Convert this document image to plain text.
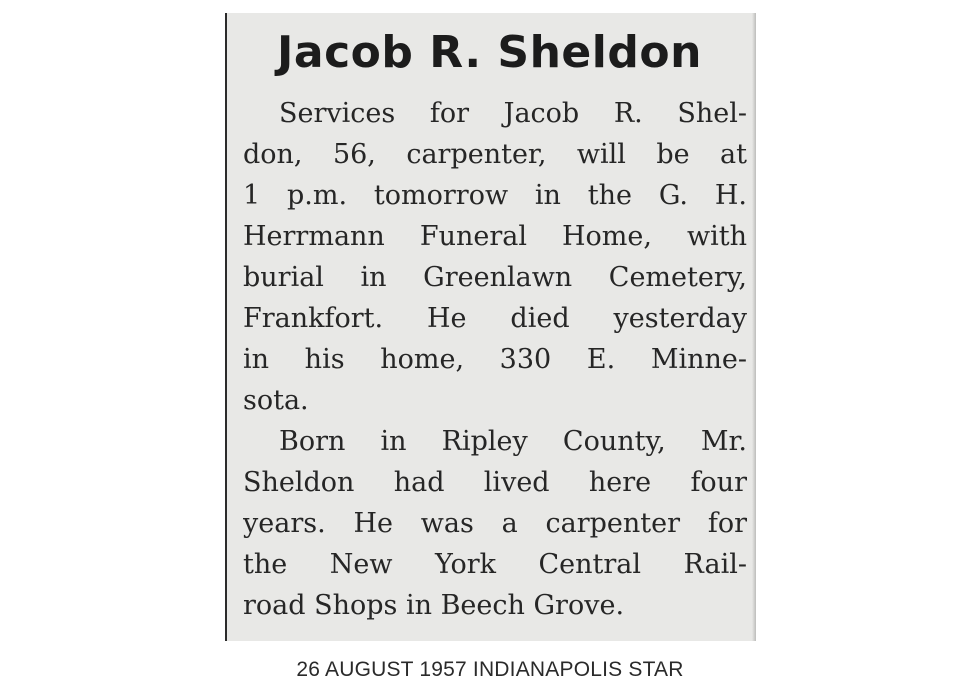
Jacob R. Sheldon
Services for Jacob R. Shel-
don, 56, carpenter, will be at
1 p.m. tomorrow in the G. H.
Herrmann Funeral Home, with
burial in Greenlawn Cemetery,
Frankfort. He died yesterday
in his home, 330 E. Minne-
sota.
Born in Ripley County, Mr.
Sheldon had lived here four
years. He was a carpenter for
the New York Central Rail-
road Shops in Beech Grove.
26 AUGUST 1957 INDIANAPOLIS STAR
